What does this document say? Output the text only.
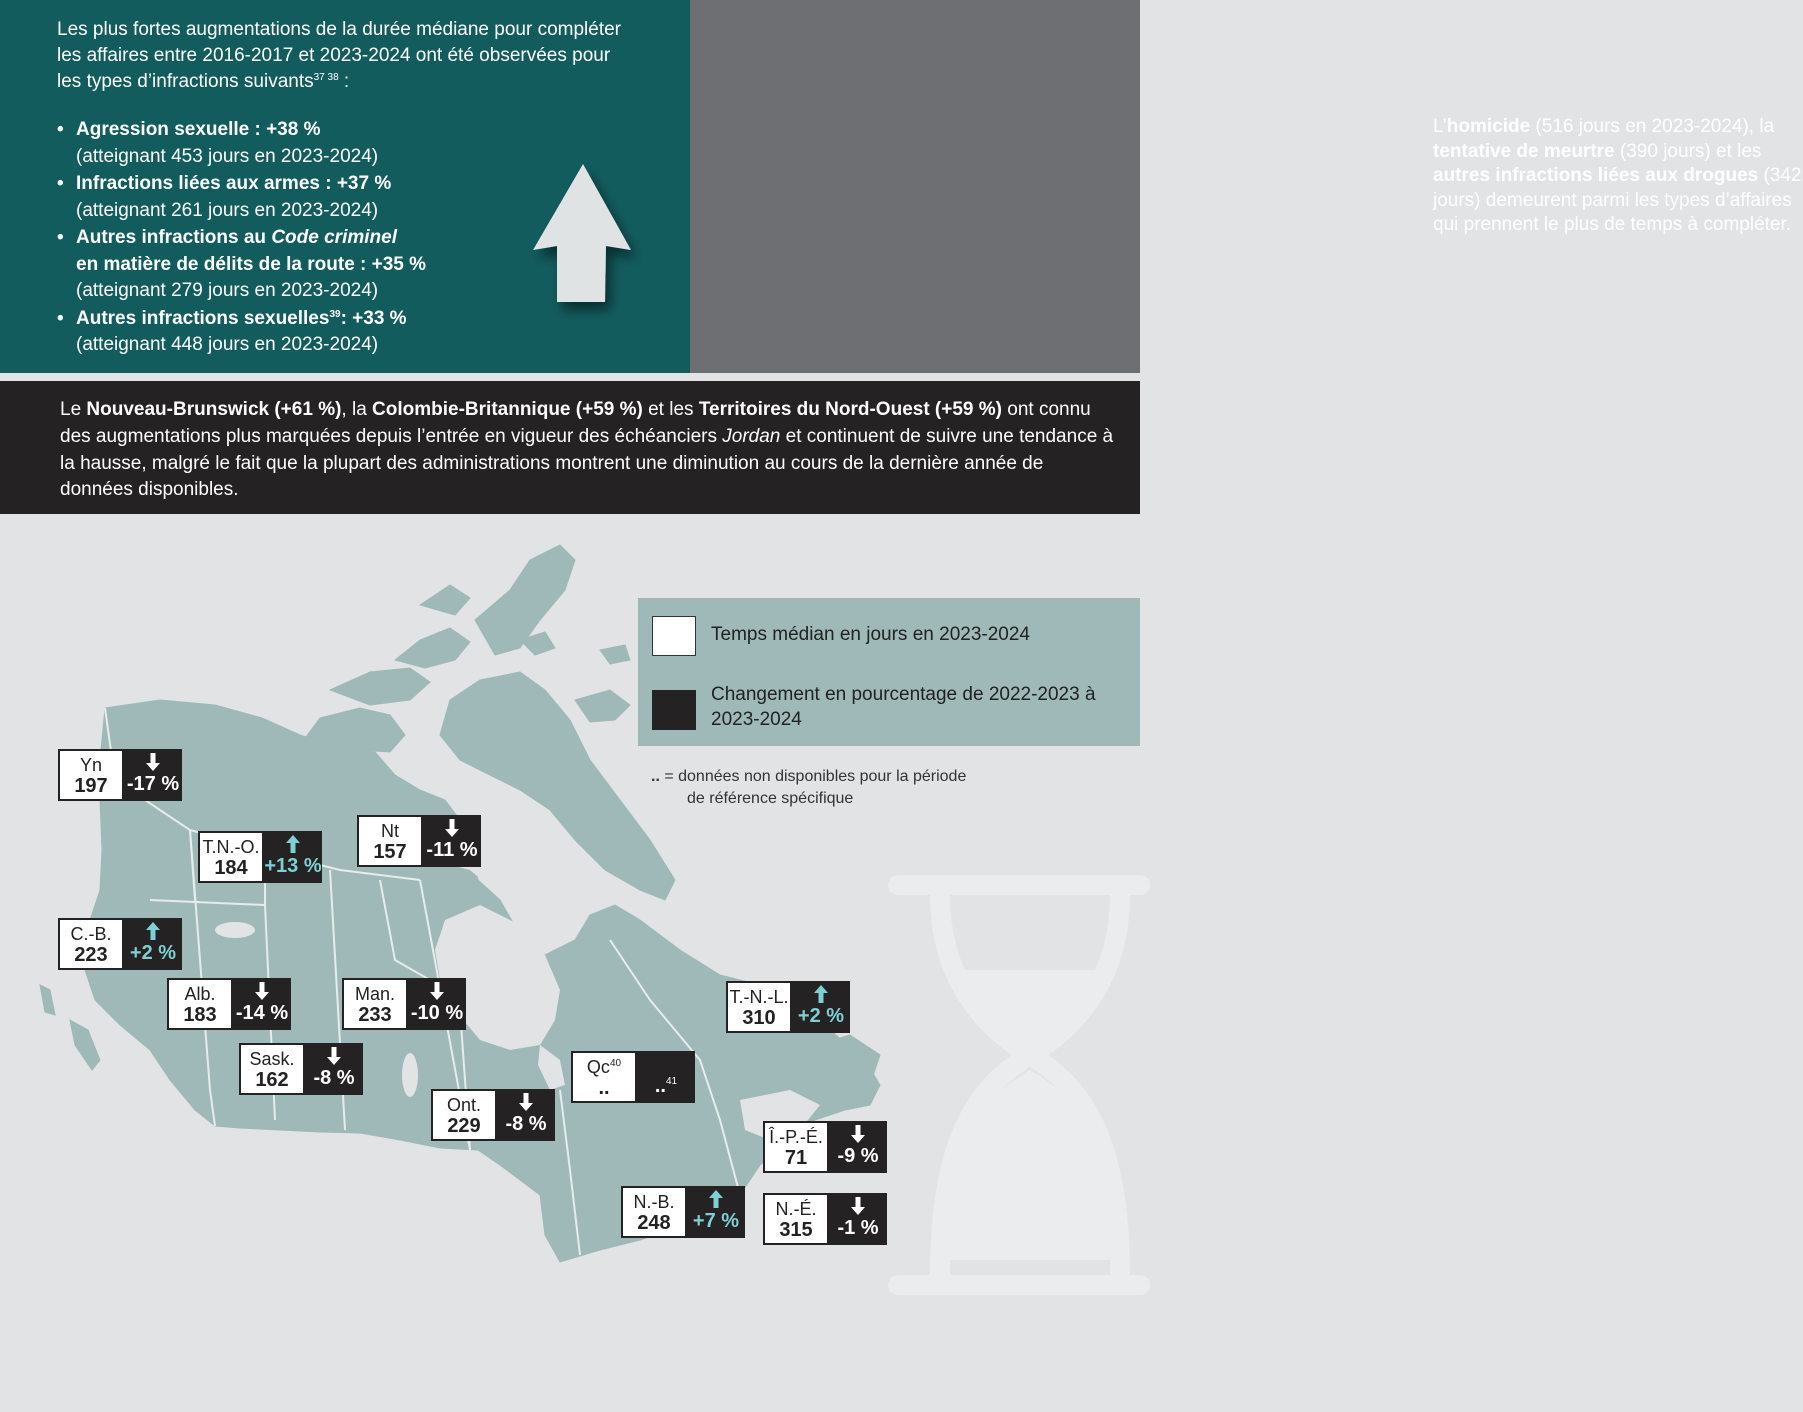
Les plus fortes augmentations de la durée médiane pour compléter les affaires entre 2016-2017 et 2023-2024 ont été observées pour les types d’infractions suivants$^{37 38}$ :

• Agression sexuelle : +38 %
(atteignant 453 jours en 2023-2024)
• Infractions liées aux armes : +37 %
(atteignant 261 jours en 2023-2024)
• Autres infractions au Code criminel
en matière de délits de la route : +35 %
(atteignant 279 jours en 2023-2024)
• Autres infractions sexuelles$^{39}$: +33 %
(atteignant 448 jours en 2023-2024)

L’homicide (516 jours en 2023-2024), la tentative de meurtre (390 jours) et les autres infractions liées aux drogues (342 jours) demeurent parmi les types d’affaires qui prennent le plus de temps à compléter.

Le Nouveau-Brunswick (+61 %), la Colombie-Britannique (+59 %) et les Territoires du Nord-Ouest (+59 %) ont connu des augmentations plus marquées depuis l’entrée en vigueur des échéanciers Jordan et continuent de suivre une tendance à la hausse, malgré le fait que la plupart des administrations montrent une diminution au cours de la dernière année de données disponibles.

Temps médian en jours en 2023-2024
Changement en pourcentage de 2022-2023 à 2023-2024
.. = données non disponibles pour la période
de référence spécifique
Yn
197 -17 %
T.N.-O.
184 +13 %
Nt
157 -11 %
C.-B.
223	+2 %
Alb.
183 -14 %
Man.
233 -10 %
Sask.
162	-8 %
Ont.
229	-8 %
Qc$^{40}$
..	..$^{41}$
T.-N.-L.
310	+2 %
Î.-P.-É.
71	-9 %
N.-B.
248	+7 %
N.-É.
315	-1 %
